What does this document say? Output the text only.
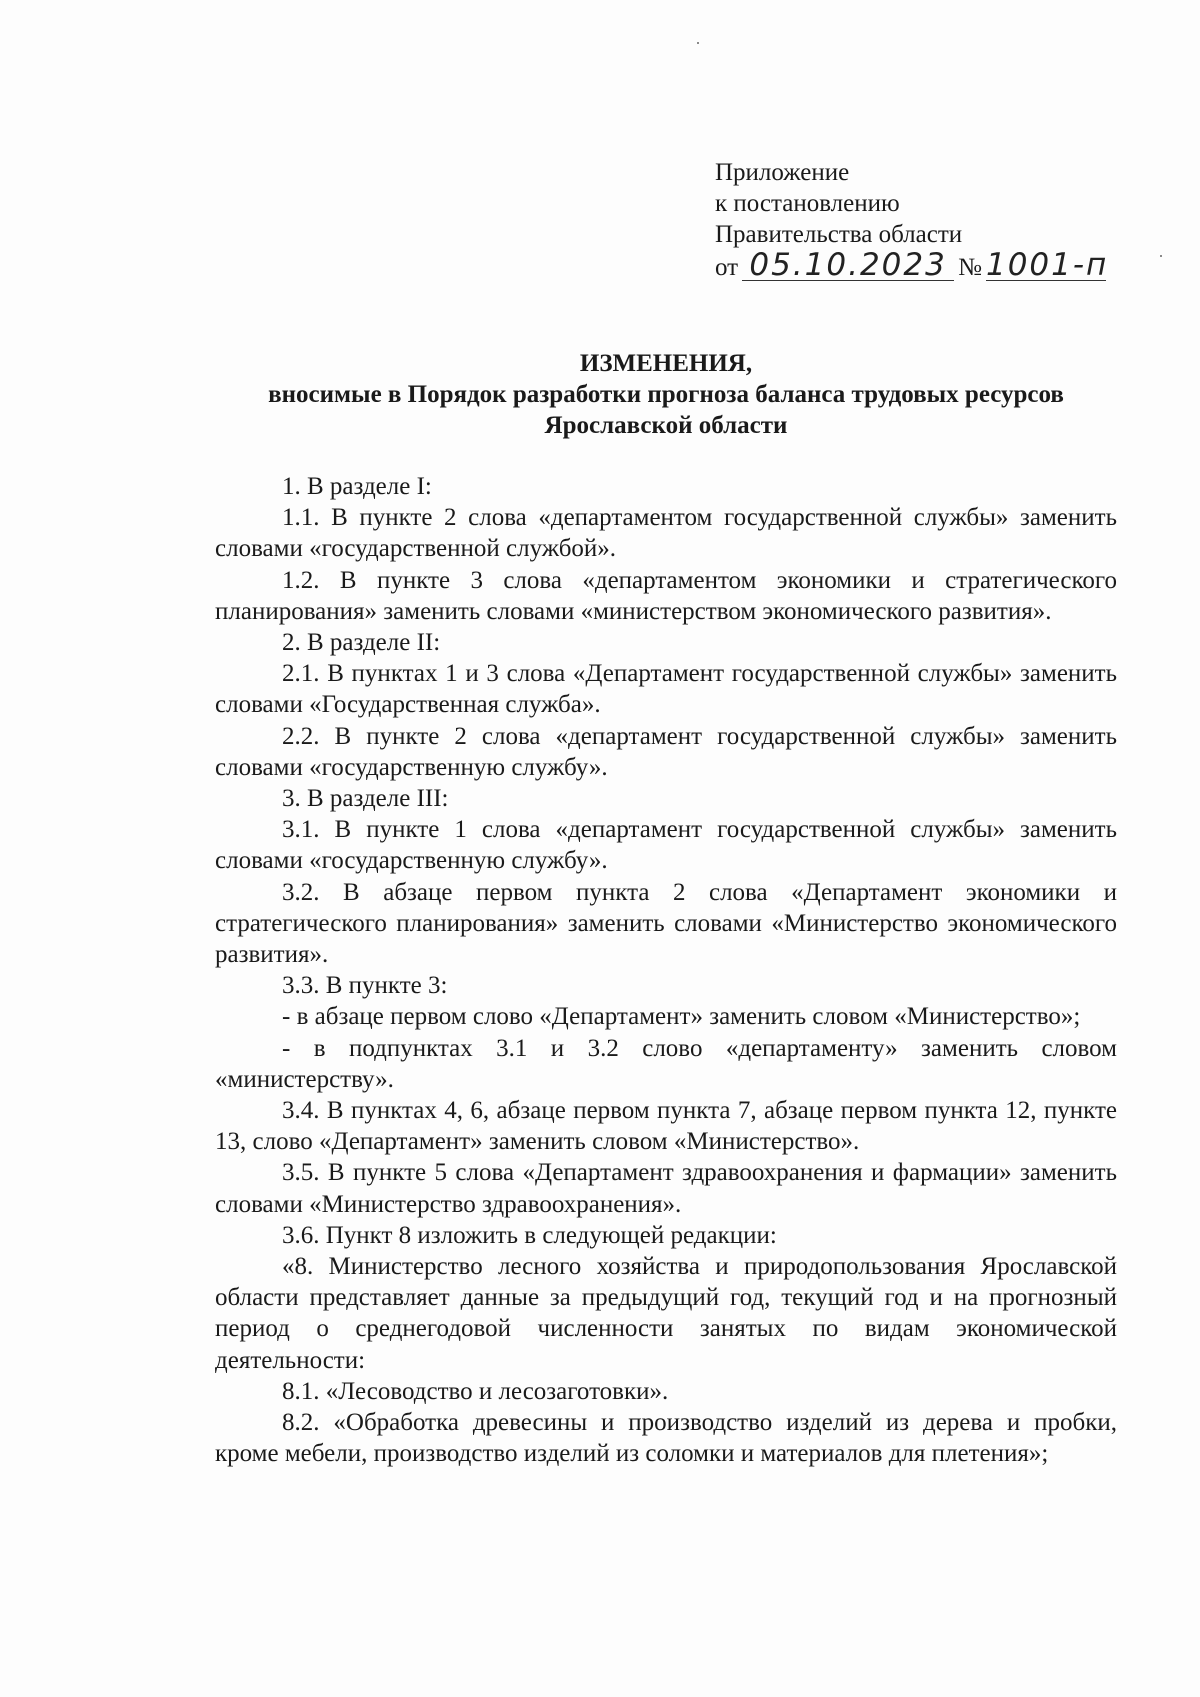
Приложение
к постановлению
Правительства области
от 05.10.2023 № 1001-п
ИЗМЕНЕНИЯ,
вносимые в Порядок разработки прогноза баланса трудовых ресурсов
Ярославской области

1. В разделе I:

1.1. В пункте 2 слова «департаментом государственной службы» заменить словами «государственной службой».

1.2. В пункте 3 слова «департаментом экономики и стратегического планирования» заменить словами «министерством экономического развития».

2. В разделе II:

2.1. В пунктах 1 и 3 слова «Департамент государственной службы» заменить словами «Государственная служба».

2.2. В пункте 2 слова «департамент государственной службы» заменить словами «государственную службу».

3. В разделе III:

3.1. В пункте 1 слова «департамент государственной службы» заменить словами «государственную службу».

3.2. В абзаце первом пункта 2 слова «Департамент экономики и стратегического планирования» заменить словами «Министерство экономического развития».

3.3. В пункте 3:

- в абзаце первом слово «Департамент» заменить словом «Министерство»;

- в подпунктах 3.1 и 3.2 слово «департаменту» заменить словом «министерству».

3.4. В пунктах 4, 6, абзаце первом пункта 7, абзаце первом пункта 12, пункте 13, слово «Департамент» заменить словом «Министерство».

3.5. В пункте 5 слова «Департамент здравоохранения и фармации» заменить словами «Министерство здравоохранения».

3.6. Пункт 8 изложить в следующей редакции:

«8. Министерство лесного хозяйства и природопользования Ярославской области представляет данные за предыдущий год, текущий год и на прогнозный период о среднегодовой численности занятых по видам экономической деятельности:

8.1. «Лесоводство и лесозаготовки».

8.2. «Обработка древесины и производство изделий из дерева и пробки, кроме мебели, производство изделий из соломки и материалов для плетения»;
